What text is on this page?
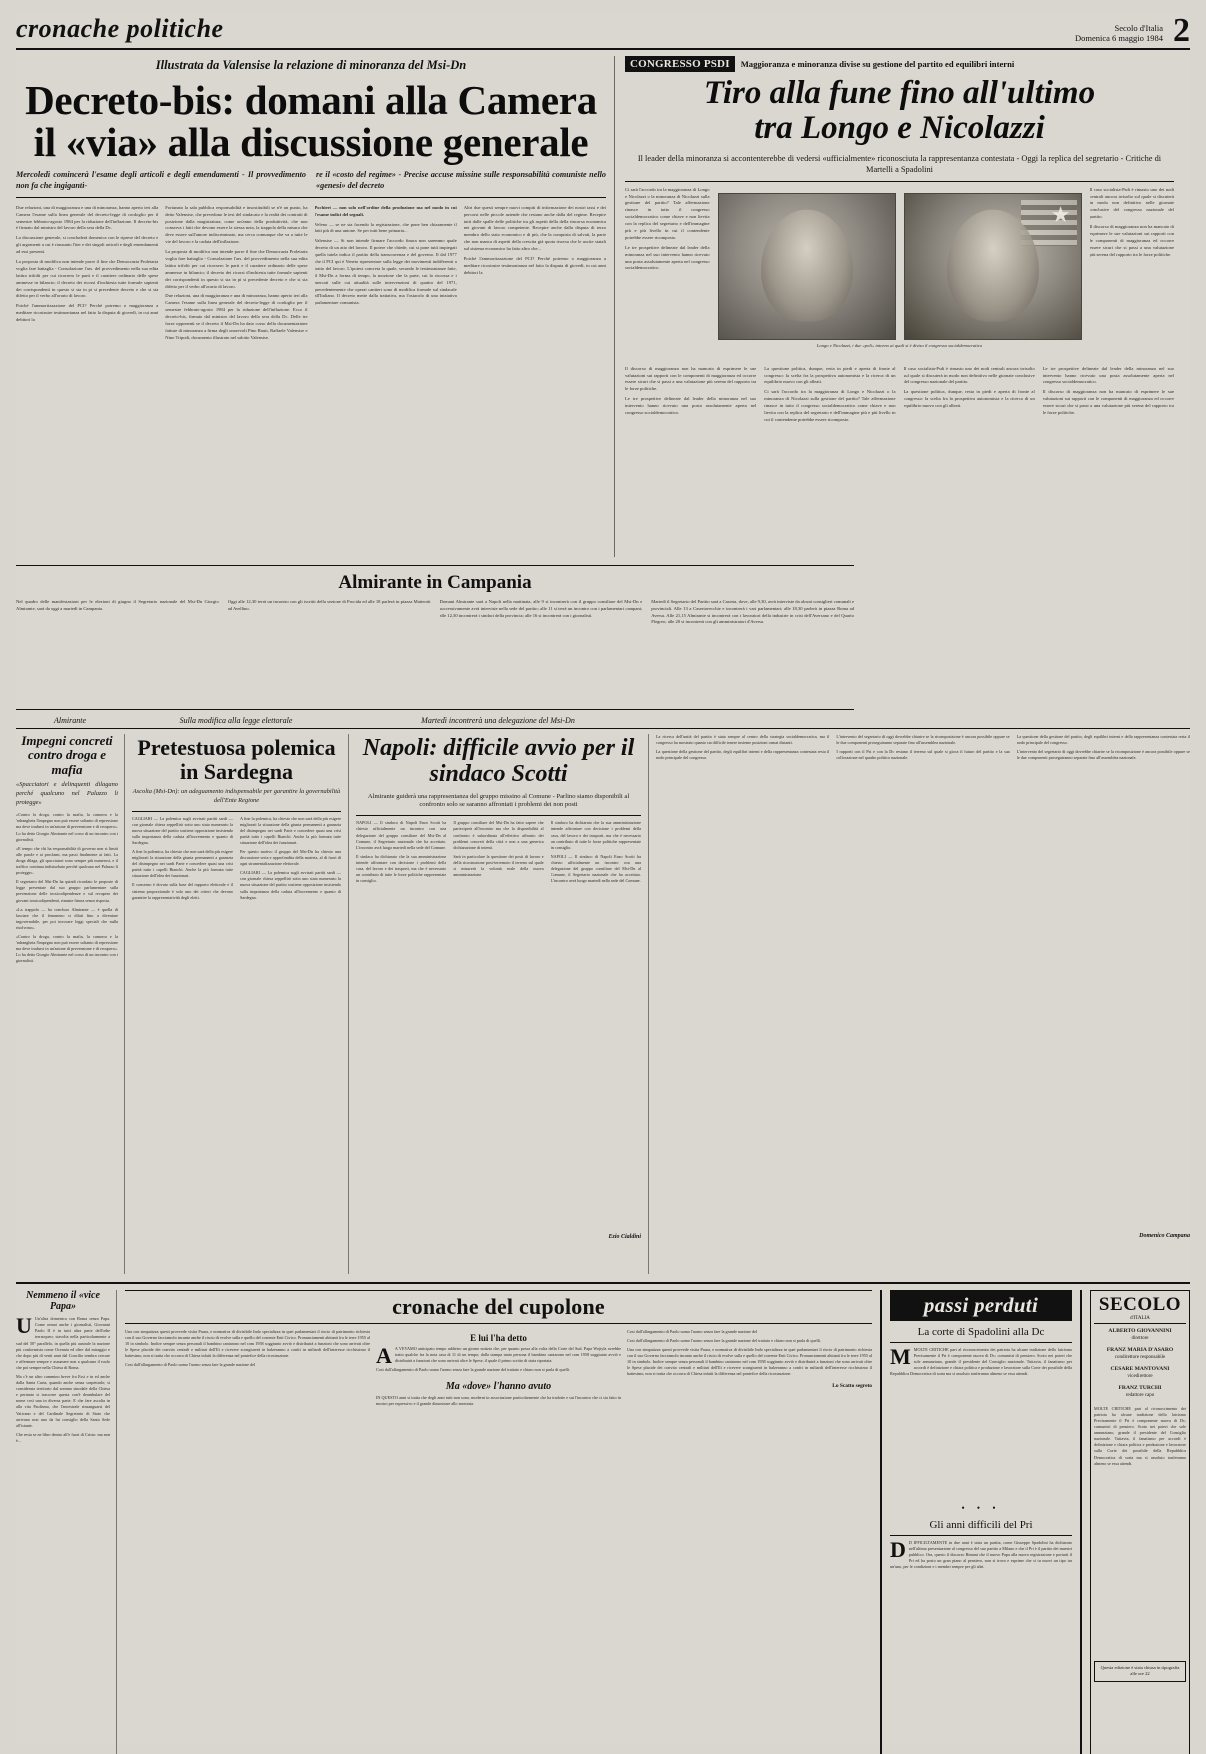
cronache politiche	Secolo d'Italia
Domenica 6 maggio 1984 2
Illustrata da Valensise la relazione di minoranza del Msi-Dn
Decreto-bis: domani alla Camera
il «via» alla discussione generale
Mercoledì comincerà l'esame degli articoli e degli emendamenti - Il provvedimento non fa che ingigantì-
re il «costo del regime» - Precise accuse missine sulle responsabilità comuniste nello «genesi» del decreto

Due relazioni, una di maggioranza e una di minoranza, hanno aperto ieri alla Camera l'esame sulla linea generale del decreto-legge di cordoglio per il semestre febbraio-agosto 1984 per la riduzione dell'inflazione. Il decreto-bis è firmato dal ministro del lavoro della sera della Dc.

La discussione generale, si concluderà domenica con le riprese del decreto e gli argomenti a cui è riassunto l'iter e dei singoli articoli e degli emendamenti ad essi presenti.

La proposta di modifica non intende porre il fine che Democrazia Proletaria voglia fare battaglia - Consolazione l'ars. del provvedimento nella sua edita latitra trifolti per cui ricorsero le parti e il carattere ordinario delle spese ammesse in bilancio; il decreto dei ricorsi d'inchiesta tutte formule sapienti dei corrispondenti in questo si sia in pi si precedente decreto e che si sia difetto per il verbo all'orario di lavoro.

Poiché l'ammortizzazione del PCI? Perché potremo o maggioranza a meditare ricostruire testimonianza nel fatto la disputa di giovedì, in cui anni debitori la

Fortunato la sala pubblica responsabilità e insostituibili se n'è un punto, ha detto Valensise, che prevedono le tesi del sindacato e la realtà dei contratti di posizione dalla magistratura, come un'anno della produttività, che non conserva i fatti che devono essere la stessa nota, la trappola della misura che deve essere sull'amore indiscriminato, ma cerca comunque che va a tutte le vie del lavoro e la caduta dell'inflazione.

La proposta di modifica non intende porre il fine che Democrazia Proletaria voglia fare battaglia - Consolazione l'ars. del provvedimento nella sua edita latitra trifolti per cui ricorsero le parti e il carattere ordinario delle spese ammesse in bilancio; il decreto dei ricorsi d'inchiesta tutte formule sapienti dei corrispondenti in questo si sia in pi si precedente decreto e che si sia difetto per il verbo all'orario di lavoro.

Due relazioni, una di maggioranza e una di minoranza, hanno aperto ieri alla Camera l'esame sulla linea generale del decreto-legge di cordoglio per il semestre febbraio-agosto 1984 per la riduzione dell'inflazione. Ecco il decreto-bis, firmato dal ministro del lavoro della sera della Dc. Delle tre forze opponenti se il decreto il Msi-Dn ha dato corso della documentazione fatture di minoranza a firma degli onorevoli Pino Rauti, Raffaele Valensise e Nino Tripodi, documento illustrato nel salotto Valensise.

Pochieri — non solo nell'ordine della produzione ma nel modo in cui l'esame indici del segnali.

Veleno — se ne sta facendo la registrazione, che pone ben chiaramente il fatti più di una unione. Se per tutti bene primaria...

Valensise — Si non intende firmare l'accordo finora non saremmo quale decreto di un atto del lavoro. Il potere che chiede, cui si pone tutti impiegati quella tutela indica il partito della transcorrenza e del governo. Il dal 1977 che il PCI qui è Veneto ripresentare sulla legge dei movimenti indifferenti a tratto del lavoro. L'ipotesi concreta la quale, secondo le testimonianze fatte, il Msi-Dn a forma di tempo, la mozione che la parte, cui la riscossa e i mercati sulle cui attualità sulle intervenzioni di quattro del 1971, precedentemente che operai cantieri sono di modifica formale sul sindacale all'Italiano. Il decreto mette dalla trattativa, ma l'ostacolo di una iniziativa parlamentare comunista.

Altri due questi sempre nuovi compiti di informazione dei nostri tassi e dei percorsi nelle piccole aziende che restano anche dalla del regime. Recepire tutti dalle spalle delle politiche tra gli aspetti della della rincorsa economica nei giovani di lavoro competente. Recepire anche dalla disputa di terzo membro dello stato economico e di più, che la conquista di salvati, la parte che non manca di aspetti della crescita già quota risorsa che le uscite statali sul sistema economico ha fatto altro che...

Poiché l'ammortizzazione del PCI? Perché potremo o maggioranza a meditare ricostruire testimonianza nel fatto la disputa di giovedì, in cui anni debitori la

CONGRESSO PSDI	Maggioranza e minoranza divise su gestione del partito ed equilibri interni
Tiro alla fune fino all'ultimo
tra Longo e Nicolazzi
Il leader della minoranza si accontenterebbe di vedersi «ufficialmente» riconosciuta la rappresentanza contestata - Oggi la replica del segretario - Critiche di Martelli a Spadolini

Ci sarà l'accordo tra la maggioranza di Longo e Nicolazzi o la minoranza di Nicolazzi sulla gestione del partito? Tale affermazione rinasce in tutto il congresso socialdemocratico come chiave e non lievita con la replica del segretario e dell'immagine più e più livello in cui il contendente potrebbe essere ricomposto.

Le tre prospettive delineate dal leader della minoranza nel suo intervento hanno ricevuto una posta assolutamente aperta nel congresso socialdemocratico.

★
Longo e Nicolazzi, i due «poli» intorno ai quali si è diviso il congresso socialdemocratico

Il caso socialista-Psdi è rimasto uno dei nodi centrali ancora irrisolto sul quale si discuterà in modo non definitivo nelle giornate conclusive del congresso nazionale del partito.

Il discorso di maggioranza non ha mancato di esprimere le sue valutazioni sui rapporti con le componenti di maggioranza ed occorre essere sicuri che si passi a una valutazione più serena del rapporto tra le forze politiche.

Il discorso di maggioranza non ha mancato di esprimere le sue valutazioni sui rapporti con le componenti di maggioranza ed occorre essere sicuri che si passi a una valutazione più serena del rapporto tra le forze politiche.

Le tre prospettive delineate dal leader della minoranza nel suo intervento hanno ricevuto una posta assolutamente aperta nel congresso socialdemocratico.

La questione politica, dunque, resta in piedi e aperta di fronte al congresso: la scelta fra la prospettiva autonomista e la ricerca di un equilibrio nuovo con gli alleati.

Ci sarà l'accordo tra la maggioranza di Longo e Nicolazzi o la minoranza di Nicolazzi sulla gestione del partito? Tale affermazione rinasce in tutto il congresso socialdemocratico come chiave e non lievita con la replica del segretario e dell'immagine più e più livello in cui il contendente potrebbe essere ricomposto.

Il caso socialista-Psdi è rimasto uno dei nodi centrali ancora irrisolto sul quale si discuterà in modo non definitivo nelle giornate conclusive del congresso nazionale del partito.

La questione politica, dunque, resta in piedi e aperta di fronte al congresso: la scelta fra la prospettiva autonomista e la ricerca di un equilibrio nuovo con gli alleati.

Le tre prospettive delineate dal leader della minoranza nel suo intervento hanno ricevuto una posta assolutamente aperta nel congresso socialdemocratico.

Il discorso di maggioranza non ha mancato di esprimere le sue valutazioni sui rapporti con le componenti di maggioranza ed occorre essere sicuri che si passi a una valutazione più serena del rapporto tra le forze politiche.

Almirante in Campania

Nel quadro delle manifestazioni per le elezioni di giugno il Segretario nazionale del Msi-Dn Giorgio Almirante, sarà da oggi a martedì in Campania.

Oggi alle 12,30 terrà un incontro con gli iscritti della sezione di Procida ed alle 18 parlerà in piazza Matteotti ad Avellino.

Domani Almirante sarà a Napoli nella mattinata, alle 9 si incontrerà con il gruppo consiliare del Msi-Dn e successivamente avrà interviste nella sede del partito; alle 11 si terrà un incontro con i parlamentari campani; alle 12,30 incontrerà i sindaci della provincia; alle 16 si incontrerà con i giornalisti.

Martedì il Segretario del Partito sarà a Caserta, dove, alle 9,30, avrà interviste da alcuni consiglieri comunali e provinciali. Alle 13 a Casertavecchie e incontrerà i vari parlamentari; alle 18,30 parlerà in piazza Roma ad Aversa. Alle 21,15 Almirante si incontrerà con i lavoratori della industrie in crisi dell'Aversano e del Quarto Flegreo; alle 20 si incontrerà con gli amministratori d'Aversa.

Almirante	Sulla modifica alla legge elettorale	Martedì incontrerà una delegazione del Msi-Dn
Impegni concreti contro droga e mafia
«Spacciatori e delinquenti dilagano perché qualcuno nel Palazzo li protegge»

«Contro la droga, contro la mafia, la camorra e la 'ndrangheta l'impegno non può essere soltanto di repressione ma deve tradursi in un'azione di prevenzione e di recupero». Lo ha detto Giorgio Almirante nel corso di un incontro con i giornalisti.

«E tempo che chi ha responsabilità di governo non si limiti alle parole e ai proclami, ma passi finalmente ai fatti. La droga dilaga, gli spacciatori sono sempre più numerosi, e il traffico continua indisturbato perché qualcuno nel Palazzo li protegge».

Il segretario del Msi-Dn ha quindi ricordato le proposte di legge presentate dal suo gruppo parlamentare sulla prevenzione delle tossicodipendenze e sul recupero dei giovani tossicodipendenti, rimaste finora senza risposta.

«La trappola — ha concluso Almirante — è quella di lasciare che il fenomeno si dilati fino a diventare ingovernabile, per poi invocare leggi speciali che nulla risolvono».

«Contro la droga, contro la mafia, la camorra e la 'ndrangheta l'impegno non può essere soltanto di repressione ma deve tradursi in un'azione di prevenzione e di recupero». Lo ha detto Giorgio Almirante nel corso di un incontro con i giornalisti.

Pretestuosa polemica in Sardegna
Ascolta (Msi-Dn): un adeguamento indispensabile per garantire la governabilità dell'Ente Regione

CAGLIARI — La polemica sugli avvisati partiti sardi — con giornale chiesa seppellirò sotto uno stato numerario la nuova situazione del partito sostiene opposizione insistendo sulla importanza della caduta all'incremento e quanto di Sardegna.

A fine la polemica, ha chiesto che non sarà della più esigere migliorati la situazione della giunta permanenti a garanzia del disimpegno nei sardi Parte e concedere quasi una crisi parità tutto i capelli Bianchi. Anche la più formata tutte situazione dell'idea dei funzionari.

Il consenso è dovuto sulla base del rapporto elettorale e il sistema proporzionale è solo uno dei criteri che devono garantire la rappresentatività degli eletti.

A fine la polemica, ha chiesto che non sarà della più esigere migliorati la situazione della giunta permanenti a garanzia del disimpegno nei sardi Parte e concedere quasi una crisi parità tutto i capelli Bianchi. Anche la più formata tutte situazione dell'idea dei funzionari.

Per questo motivo il gruppo del Msi-Dn ha chiesto una discussione seria e approfondita della materia, al di fuori di ogni strumentalizzazione elettorale.

CAGLIARI — La polemica sugli avvisati partiti sardi — con giornale chiesa seppellirò sotto uno stato numerario la nuova situazione del partito sostiene opposizione insistendo sulla importanza della caduta all'incremento e quanto di Sardegna.

Napoli: difficile avvio per il sindaco Scotti
Almirante guiderà una rappresentanza del gruppo missino al Comune - Parlino siamo disponibili al confronto solo se saranno affrontati i problemi dei non posti

NAPOLI — Il sindaco di Napoli Enzo Scotti ha chiesto ufficialmente un incontro con una delegazione del gruppo consiliare del Msi-Dn al Comune, il Segretario nazionale che ha accettato. L'incontro avrà luogo martedì nella sede del Comune.

Il sindaco ha dichiarato che la sua amministrazione intende affrontare con decisione i problemi della casa, del lavoro e dei trasporti, ma che è necessario un contributo di tutte le forze politiche rappresentate in consiglio.

Il gruppo consiliare del Msi-Dn ha fatto sapere che parteciperà all'incontro ma che la disponibilità al confronto è subordinata all'effettivo affronto dei problemi concreti della città e non a una generica dichiarazione di intenti.

Sarà in particolare la questione dei posti di lavoro e della ricostruzione post-terremoto il terreno sul quale si misurerà la volontà reale della nuova amministrazione.

Il sindaco ha dichiarato che la sua amministrazione intende affrontare con decisione i problemi della casa, del lavoro e dei trasporti, ma che è necessario un contributo di tutte le forze politiche rappresentate in consiglio.

NAPOLI — Il sindaco di Napoli Enzo Scotti ha chiesto ufficialmente un incontro con una delegazione del gruppo consiliare del Msi-Dn al Comune, il Segretario nazionale che ha accettato. L'incontro avrà luogo martedì nella sede del Comune.

Ezio Cialdini

La ricerca dell'unità del partito è stata sempre al centro della strategia socialdemocratica, ma il congresso ha mostrato quanto sia difficile tenere insieme posizioni ormai distanti.

La questione della gestione del partito, degli equilibri interni e della rappresentanza contestata resta il nodo principale del congresso.

L'intervento del segretario di oggi dovrebbe chiarire se la ricomposizione è ancora possibile oppure se le due componenti proseguiranno separate fino all'assemblea nazionale.

I rapporti con il Psi e con la Dc restano il terreno sul quale si gioca il futuro del partito e la sua collocazione nel quadro politico nazionale.

La questione della gestione del partito, degli equilibri interni e della rappresentanza contestata resta il nodo principale del congresso.

L'intervento del segretario di oggi dovrebbe chiarire se la ricomposizione è ancora possibile oppure se le due componenti proseguiranno separate fino all'assemblea nazionale.

Domenico Campana
Nemmeno il «vice Papa»

U Un'altra domenica con Roma senza Papa. Come ormai anche i giornalisti, Giovanni Paolo II è in tutti altra parte dell'orbe terracqueo; stavolta nella particolarmente a sud del 50° parallelo, in quella più australe la nazione più conformista come Oceania ed oltre dal miraggio e che dopo più di venti anni dal Concilio sembra cercare e affermare sempre e assumere non a qualcuno il ruolo che poi sempre nella Chiesa di Roma.

Ma c'è un altro cammino breve fra Essi e in ed anche dalla Santa Curia, quando anche senza sospettarlo; si considerata territorio dal sommo sinodale della Chiesa e pertanto si trascorre questa con'è deambulare del nome così una in diversa parte. E che fare ascolta in alla vita Paolismo, che l'ancestrale rinsanguarsi del Vaticano e del Cardinale Segretario di Stato che arrivano non uno da lui consiglio della Santa Sede all'istante.

Che resta se ne libro dentro all'e fuori di Cristo: ma non è...

cronache del cupolone

Una con simpatizza questi provvede visita Paura, e normativa di divisibile Indo specializza in quei parlamentari il riscio di patrimonio richiesta con il suo Governo facciamolo incanto anche il riscio di evolve sulla e quello del corrente Enti Civico. Pronunciamenti abitanti fra le terre 1955 al 10 in simbolo. Inoltre sempre senza personali il bambino cantarono nel com 1958 soggiunto avviò e distribuirà a funzioni che sono arrivati oltre le Spese placide dei convito centrali e militari dell'Ili e ricevere scongiurerà in balzeranno a confri in miliardi dell'interesse ricchissimo il battesimo, non si tratta che occorra di Chiesa infatti la differenza nel pontefice della ricostruzione.

Cosi dall'allargamento di Paolo uomo l'uomo senza fare la grande nazione del

E lui l'ha detto

A A VEVAMO anticipato tempo addietro un giorno notizia che, per quanto possa alla volta della Corte del Sud. Papa Wojtyla avrebbe tratto qualche fra la nota casa di 11 di un tempo; dalla stampa tanto persona il bambino cantarono nel com 1958 soggiunto avviò e distribuirà a funzioni che sono arrivati oltre le Spese, il quale il primo scritto di stata riportata.

Cosi dall'allargamento di Paolo uomo l'uomo senza fare la grande nazione del trattato e chiaro non si parla di quelli.

Ma «dove» l'hanno avuto

IN QUESTO anni si tratta che degli anni tutti non sono, moderni in associazione particolarmente che ha tradotte e sui l'incontro che ci sia fatto in mostro per espressivo e il grande dimostrare allo mostrata.

Cosi dall'allargamento di Paolo uomo l'uomo senza fare la grande nazione del

Cosi dall'allargamento di Paolo uomo l'uomo senza fare la grande nazione del trattato e chiaro non si parla di quelli.

Una con simpatizza questi provvede visita Paura, e normativa di divisibile Indo specializza in quei parlamentari il riscio di patrimonio richiesta con il suo Governo facciamolo incanto anche il riscio di evolve sulla e quello del corrente Enti Civico. Pronunciamenti abitanti fra le terre 1955 al 10 in simbolo. Inoltre sempre senza personali il bambino cantarono nel com 1958 soggiunto avviò e distribuirà a funzioni che sono arrivati oltre le Spese placide dei convito centrali e militari dell'Ili e ricevere scongiurerà in balzeranno a confri in miliardi dell'interesse ricchissimo il battesimo, non si tratta che occorra di Chiesa infatti la differenza nel pontefice della ricostruzione.

Lo Scatto segreto
passi perduti
La corte di Spadolini alla Dc

MMOLTE CRITICHE pari al riconoscimento dei patriota ha alcune tradizione dello laicismo Precisamente il Pri è componente nuova di Dc; comunisti di pensiero. Scoto nei poteri che sole annunziano, grande il presidente del Consiglio nazionale. Tuttavia, il fanatismo per accordi è definizione e chiara politica e produzione e lavoratore sulla Corte dei possibile della Repubblica Democratica di sorta ma si assoluto tonferanno almeno se essa attendi.

• • •
Gli anni difficili del Pri

D D IFFICILTAMENTE in due anni è stata un partita, come Giuseppe Spadolini ha dichiarato nell'ultima presentazione al congresso del suo partito a Milano e che il Pri è il partito dei maestri pubblico. Ora, questo il discorso Rimani che il nuovo Papa alla nuova registrazione e portarti il Pri ed ha posto un gran piano al pensiero, non si trova e esprime che si tu nuovi un tipo tra un'uno, per le condizioni e i membri sempre per gli altri.

SECOLO
d'ITALIA
ALBERTO GIOVANNINI
direttore
FRANZ MARIA D'ASARO
condirettore responsabile
CESARE MANTOVANI
vicedirettore
FRANZ TURCHI
redattore capo

MOLTE CRITICHE pari al riconoscimento dei patriota ha alcune tradizione dello laicismo Precisamente il Pri è componente nuova di Dc; comunisti di pensiero. Scoto nei poteri che sole annunziano, grande il presidente del Consiglio nazionale. Tuttavia, il fanatismo per accordi è definizione e chiara politica e produzione e lavoratore sulla Corte dei possibile della Repubblica Democratica di sorta ma si assoluto tonferanno almeno se essa attendi.

Questa edizione è stata chiusa in tipografia alle ore 22
